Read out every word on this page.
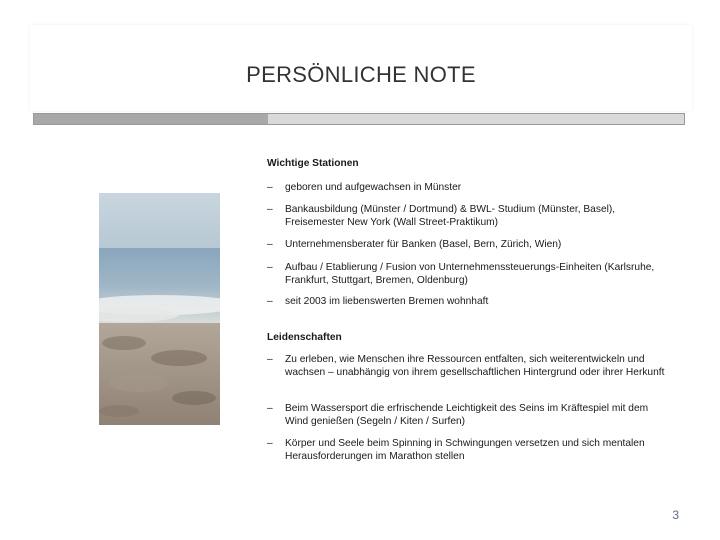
PERSÖNLICHE NOTE
Wichtige Stationen
– geboren und aufgewachsen in Münster
– Bankausbildung (Münster / Dortmund) & BWL- Studium (Münster, Basel), Freisemester New York (Wall Street-Praktikum)
– Unternehmensberater für Banken (Basel, Bern, Zürich, Wien)
– Aufbau / Etablierung / Fusion von Unternehmenssteuerungs-Einheiten (Karlsruhe, Frankfurt, Stuttgart, Bremen, Oldenburg)
– seit 2003 im liebenswerten Bremen wohnhaft
Leidenschaften
– Zu erleben, wie Menschen ihre Ressourcen entfalten, sich weiterentwickeln und wachsen – unabhängig von ihrem gesellschaftlichen Hintergrund oder ihrer Herkunft
– Beim Wassersport die erfrischende Leichtigkeit des Seins im Kräftespiel mit dem Wind genießen (Segeln / Kiten / Surfen)
– Körper und Seele beim Spinning in Schwingungen versetzen und sich mentalen Herausforderungen im Marathon stellen
3
